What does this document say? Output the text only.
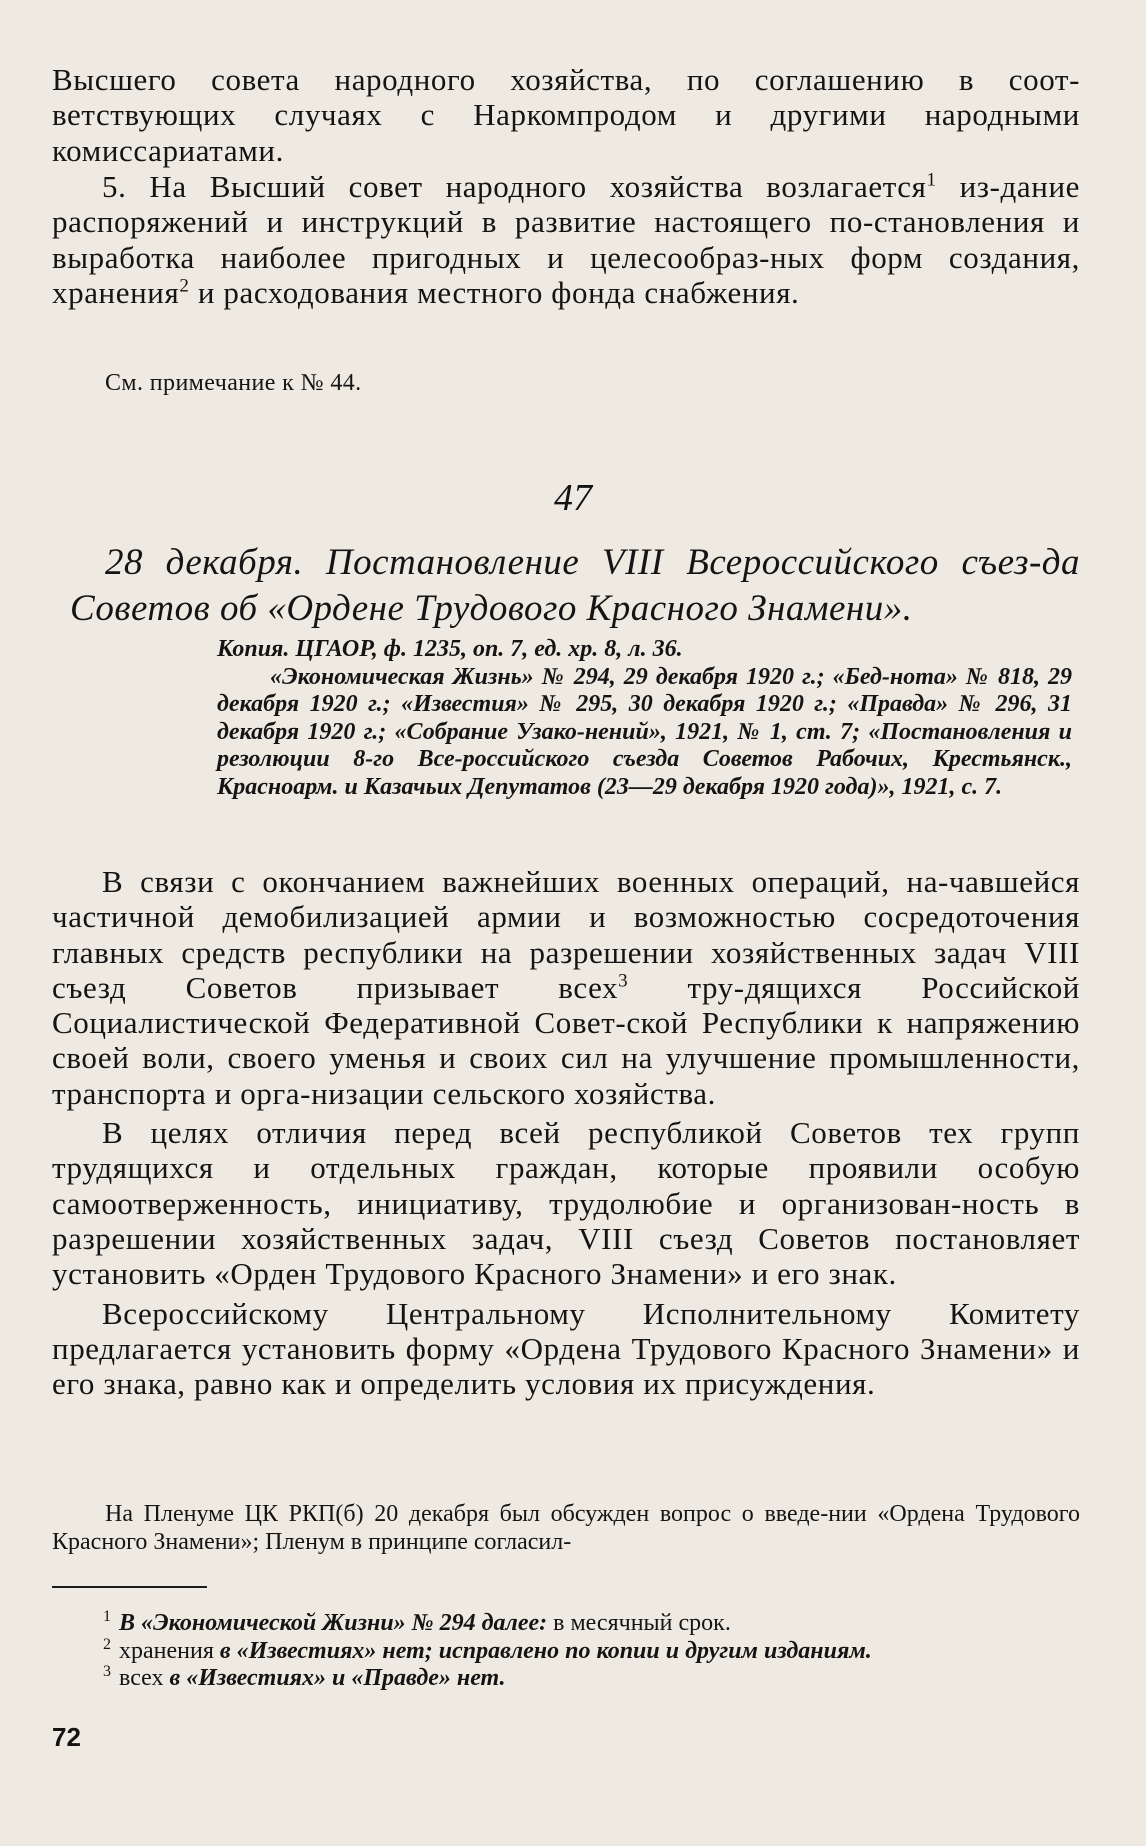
Высшего совета народного хозяйства, по соглашению в соот-

ветствующих случаях с Наркомпродом и другими народными

комиссариатами.

5. На Высший совет народного хозяйства возлагается$^1$ из-дание распоряжений и инструкций в развитие настоящего по-становления и выработка наиболее пригодных и целесообраз-ных форм создания, хранения$^2$ и расходования местного фонда снабжения.

См. примечание к № 44.
47
28 декабря. Постановление VIII Всероссийского съез-да Советов об «Ордене Трудового Красного Знамени».

Копия. ЦГАОР, ф. 1235, оп. 7, ед. хр. 8, л. 36.

«Экономическая Жизнь» № 294, 29 декабря 1920 г.; «Бед-нота» № 818, 29 декабря 1920 г.; «Известия» № 295, 30 декабря 1920 г.; «Правда» № 296, 31 декабря 1920 г.; «Собрание Узако-нений», 1921, № 1, ст. 7; «Постановления и резолюции 8-го Все-российского съезда Советов Рабочих, Крестьянск., Красноарм. и Казачьих Депутатов (23—29 декабря 1920 года)», 1921, с. 7.

В связи с окончанием важнейших военных операций, на-чавшейся частичной демобилизацией армии и возможностью сосредоточения главных средств республики на разрешении хозяйственных задач VIII съезд Советов призывает всех$^3$ тру-дящихся Российской Социалистической Федеративной Совет-ской Республики к напряжению своей воли, своего уменья и своих сил на улучшение промышленности, транспорта и орга-низации сельского хозяйства.

В целях отличия перед всей республикой Советов тех групп трудящихся и отдельных граждан, которые проявили особую самоотверженность, инициативу, трудолюбие и организован-ность в разрешении хозяйственных задач, VIII съезд Советов постановляет установить «Орден Трудового Красного Знамени» и его знак.

Всероссийскому Центральному Исполнительному Комитету предлагается установить форму «Ордена Трудового Красного Знамени» и его знака, равно как и определить условия их присуждения.

На Пленуме ЦК РКП(б) 20 декабря был обсужден вопрос о введе-нии «Ордена Трудового Красного Знамени»; Пленум в принципе согласил-
$^1$ В «Экономической Жизни» № 294 далее: в месячный срок.
$^2$ хранения в «Известиях» нет; исправлено по копии и другим изданиям.
$^3$ всех в «Известиях» и «Правде» нет.
72
